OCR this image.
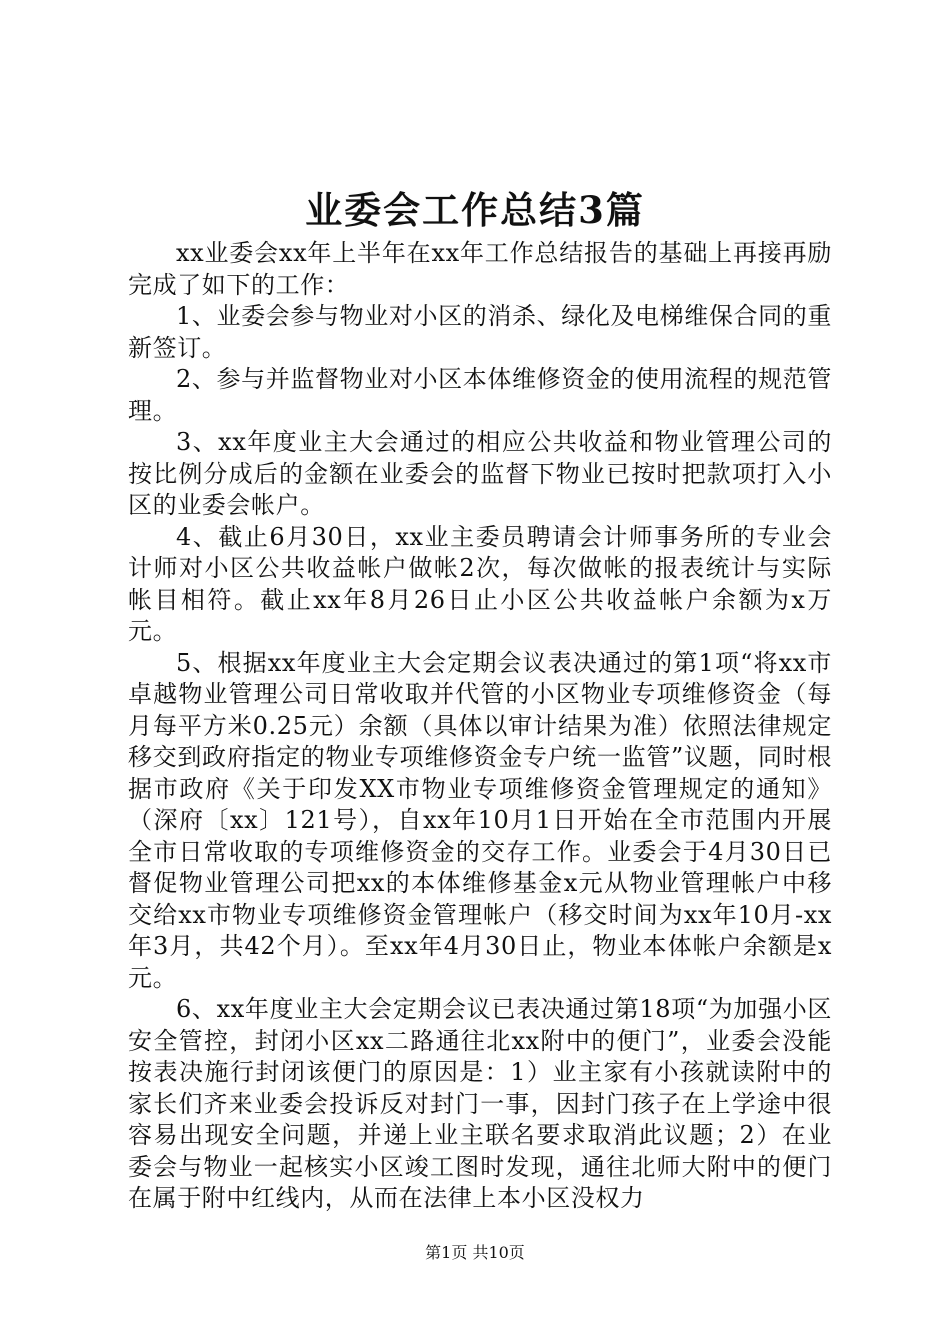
业委会工作总结3篇

xx业委会xx年上半年在xx年工作总结报告的基础上再接再励完成了如下的工作：

1、业委会参与物业对小区的消杀、绿化及电梯维保合同的重新签订。

2、参与并监督物业对小区本体维修资金的使用流程的规范管理。

3、xx年度业主大会通过的相应公共收益和物业管理公司的按比例分成后的金额在业委会的监督下物业已按时把款项打入小区的业委会帐户。

4、截止6月30日，xx业主委员聘请会计师事务所的专业会计师对小区公共收益帐户做帐2次，每次做帐的报表统计与实际帐目相符。截止xx年8月26日止小区公共收益帐户余额为x万元。

5、根据xx年度业主大会定期会议表决通过的第1项“将xx市卓越物业管理公司日常收取并代管的小区物业专项维修资金（每月每平方米0.25元）余额（具体以审计结果为准）依照法律规定移交到政府指定的物业专项维修资金专户统一监管”议题，同时根据市政府《关于印发XX市物业专项维修资金管理规定的通知》（深府〔xx〕121号），自xx年10月1日开始在全市范围内开展全市日常收取的专项维修资金的交存工作。业委会于4月30日已督促物业管理公司把xx的本体维修基金x元从物业管理帐户中移交给xx市物业专项维修资金管理帐户（移交时间为xx年10月-xx年3月，共42个月）。至xx年4月30日止，物业本体帐户余额是x元。

6、xx年度业主大会定期会议已表决通过第18项“为加强小区安全管控，封闭小区xx二路通往北xx附中的便门”，业委会没能按表决施行封闭该便门的原因是：1）业主家有小孩就读附中的家长们齐来业委会投诉反对封门一事，因封门孩子在上学途中很容易出现安全问题，并递上业主联名要求取消此议题；2）在业委会与物业一起核实小区竣工图时发现，通往北师大附中的便门在属于附中红线内，从而在法律上本小区没权力

第1页 共10页
